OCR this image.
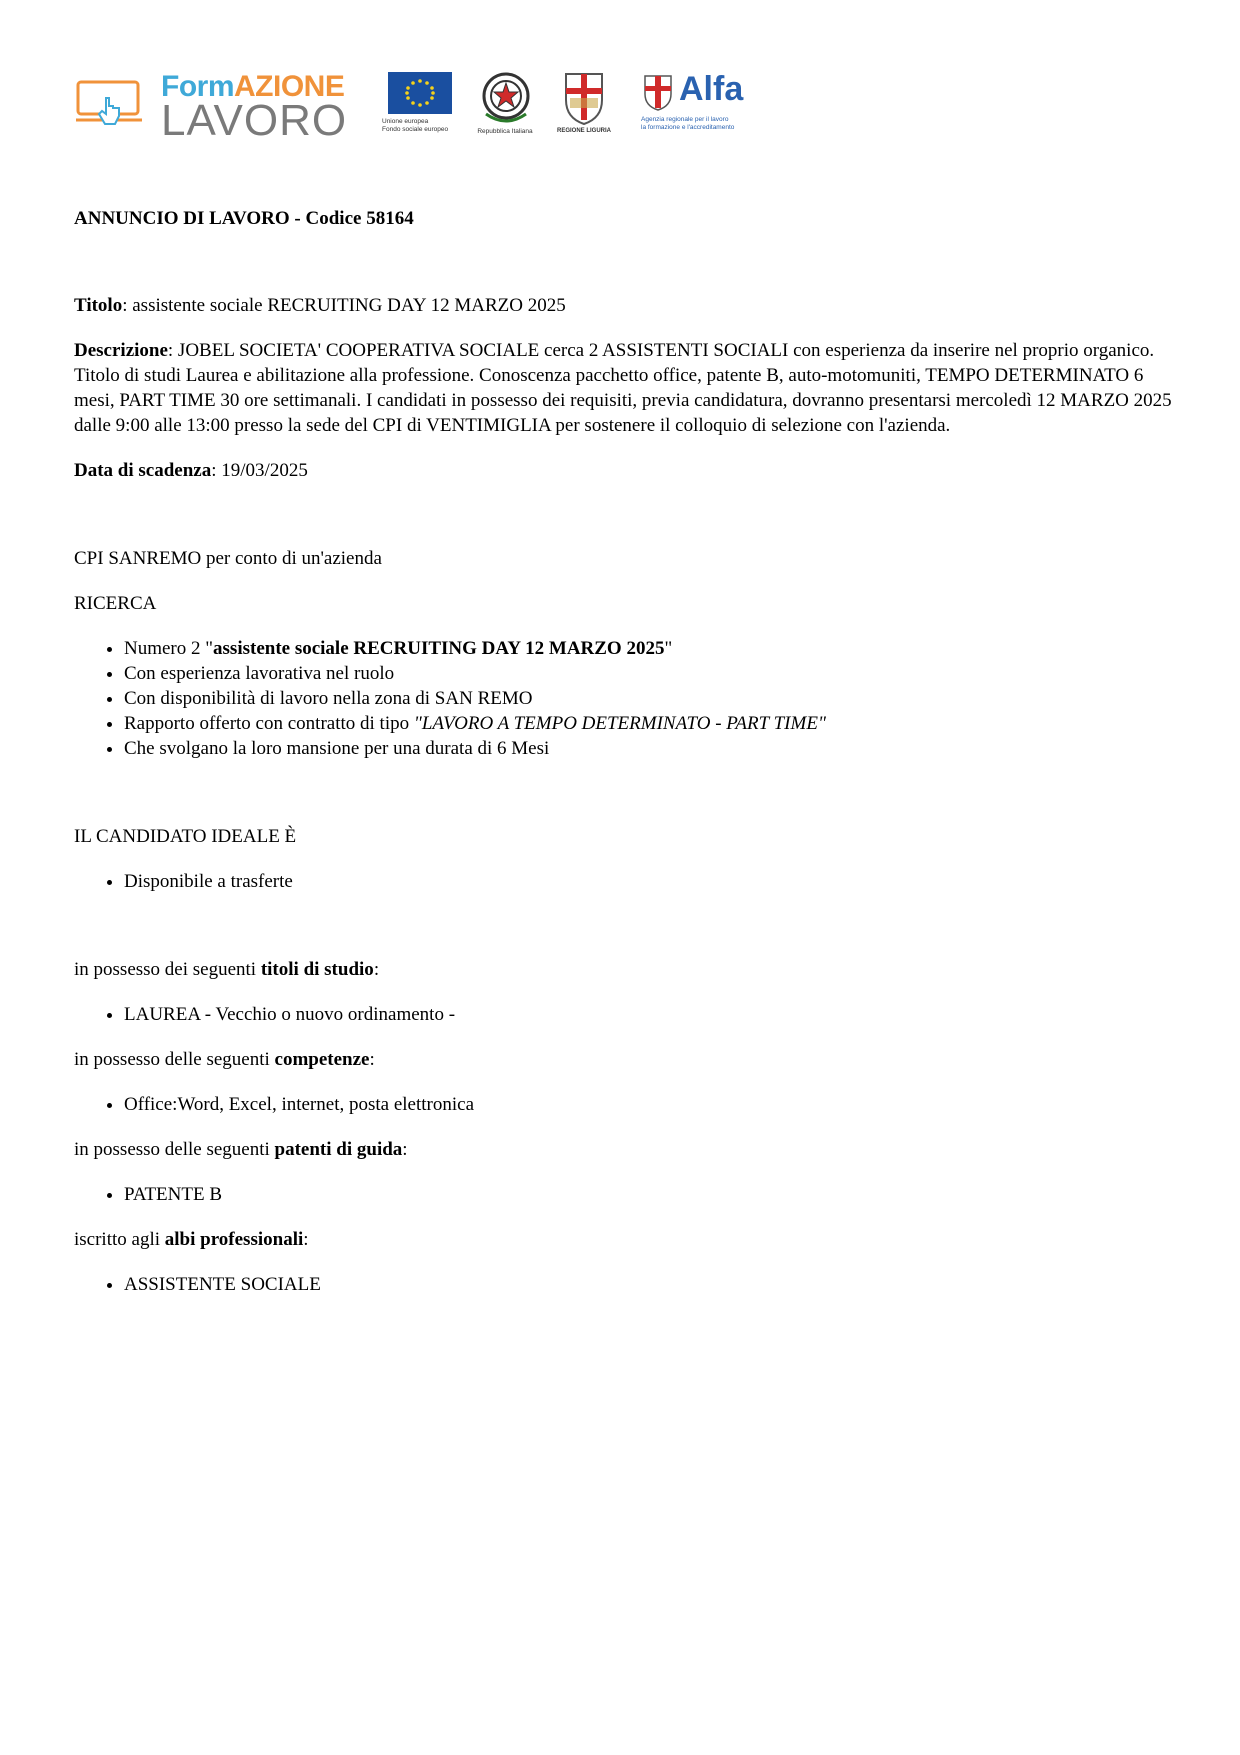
FormAZIONE
LAVORO	Unione europea
Fondo sociale europeo	Repubblica Italiana	REGIONE LIGURIA
Alfa
Agenzia regionale per il lavoro
la formazione e l'accreditamento

ANNUNCIO DI LAVORO - Codice 58164

Titolo: assistente sociale RECRUITING DAY 12 MARZO 2025

Descrizione: JOBEL SOCIETA' COOPERATIVA SOCIALE cerca 2 ASSISTENTI SOCIALI con esperienza da inserire nel proprio organico. Titolo di studi Laurea e abilitazione alla professione. Conoscenza pacchetto office, patente B, auto-motomuniti, TEMPO DETERMINATO 6 mesi, PART TIME 30 ore settimanali. I candidati in possesso dei requisiti, previa candidatura, dovranno presentarsi mercoledì 12 MARZO 2025 dalle 9:00 alle 13:00 presso la sede del CPI di VENTIMIGLIA per sostenere il colloquio di selezione con l'azienda.

Data di scadenza: 19/03/2025

CPI SANREMO per conto di un'azienda

RICERCA

• Numero 2 "assistente sociale RECRUITING DAY 12 MARZO 2025"
• Con esperienza lavorativa nel ruolo
• Con disponibilità di lavoro nella zona di SAN REMO
• Rapporto offerto con contratto di tipo "LAVORO A TEMPO DETERMINATO - PART TIME"
• Che svolgano la loro mansione per una durata di 6 Mesi

IL CANDIDATO IDEALE È

• Disponibile a trasferte

in possesso dei seguenti titoli di studio:

• LAUREA - Vecchio o nuovo ordinamento -

in possesso delle seguenti competenze:

• Office:Word, Excel, internet, posta elettronica

in possesso delle seguenti patenti di guida:

• PATENTE B

iscritto agli albi professionali:

• ASSISTENTE SOCIALE
